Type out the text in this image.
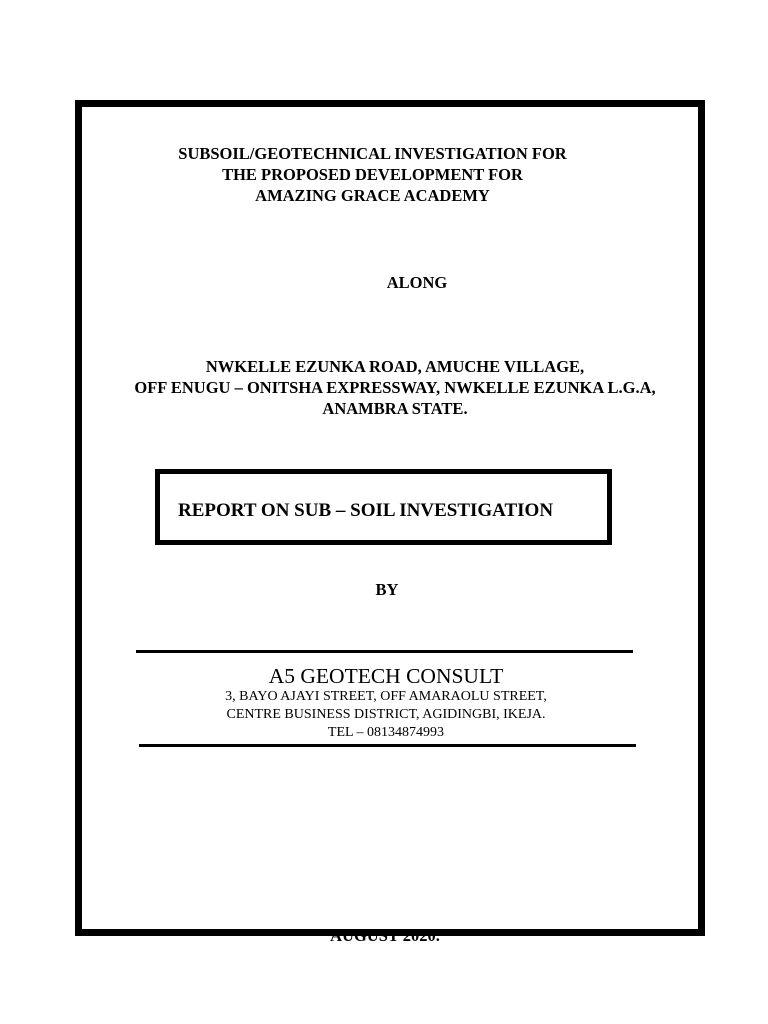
AUGUST 2020.
SUBSOIL/GEOTECHNICAL INVESTIGATION FOR
THE PROPOSED DEVELOPMENT FOR
AMAZING GRACE ACADEMY
ALONG
NWKELLE EZUNKA ROAD, AMUCHE VILLAGE,
OFF ENUGU – ONITSHA EXPRESSWAY, NWKELLE EZUNKA L.G.A,
ANAMBRA STATE.
REPORT ON SUB – SOIL INVESTIGATION
BY
A5 GEOTECH CONSULT
3, BAYO AJAYI STREET, OFF AMARAOLU STREET,
CENTRE BUSINESS DISTRICT, AGIDINGBI, IKEJA.
TEL – 08134874993
